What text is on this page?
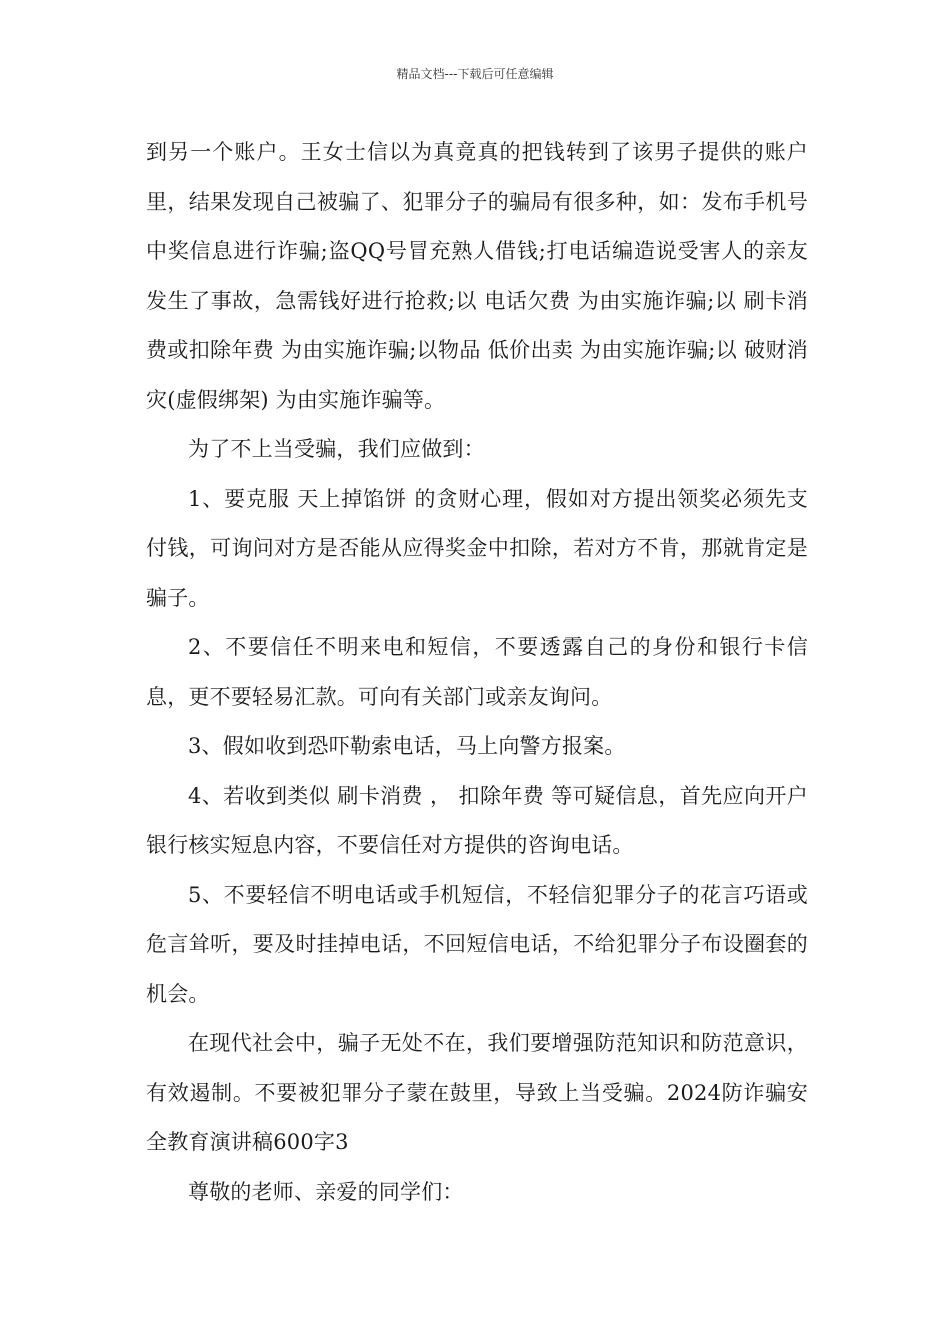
精品文档---下载后可任意编辑

到另一个账户。王女士信以为真竟真的把钱转到了该男子提供的账户里，结果发现自己被骗了、犯罪分子的骗局有很多种，如：发布手机号中奖信息进行诈骗;盗QQ号冒充熟人借钱;打电话编造说受害人的亲友发生了事故，急需钱好进行抢救;以 电话欠费 为由实施诈骗;以 刷卡消费或扣除年费 为由实施诈骗;以物品 低价出卖 为由实施诈骗;以 破财消灾(虚假绑架) 为由实施诈骗等。

为了不上当受骗，我们应做到：

1、要克服 天上掉馅饼 的贪财心理，假如对方提出领奖必须先支付钱，可询问对方是否能从应得奖金中扣除，若对方不肯，那就肯定是骗子。

2、不要信任不明来电和短信，不要透露自己的身份和银行卡信息，更不要轻易汇款。可向有关部门或亲友询问。

3、假如收到恐吓勒索电话，马上向警方报案。

4、若收到类似 刷卡消费 ， 扣除年费 等可疑信息，首先应向开户银行核实短息内容，不要信任对方提供的咨询电话。

5、不要轻信不明电话或手机短信，不轻信犯罪分子的花言巧语或危言耸听，要及时挂掉电话，不回短信电话，不给犯罪分子布设圈套的机会。

在现代社会中，骗子无处不在，我们要增强防范知识和防范意识，有效遏制。不要被犯罪分子蒙在鼓里，导致上当受骗。2024防诈骗安全教育演讲稿600字3

尊敬的老师、亲爱的同学们：
